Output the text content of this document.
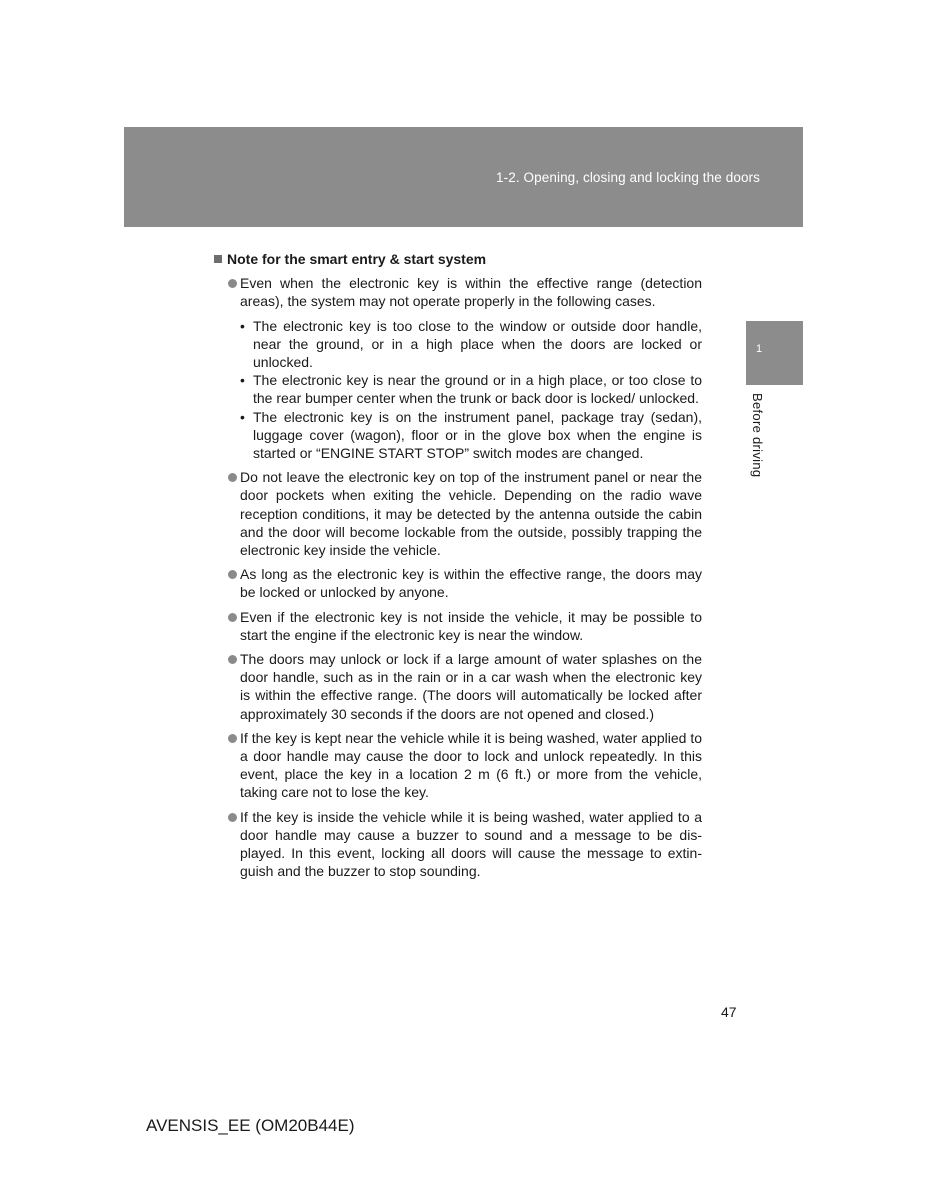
1-2. Opening, closing and locking the doors
1
Before driving
Note for the smart entry & start system
Even when the electronic key is within the effective range (detection areas), the system may not operate properly in the following cases.
• The electronic key is too close to the window or outside door handle, near the ground, or in a high place when the doors are locked or unlocked.
• The electronic key is near the ground or in a high place, or too close to the rear bumper center when the trunk or back door is locked/ unlocked.
• The electronic key is on the instrument panel, package tray (sedan), luggage cover (wagon), floor or in the glove box when the engine is started or “ENGINE START STOP” switch modes are changed.
Do not leave the electronic key on top of the instrument panel or near the door pockets when exiting the vehicle. Depending on the radio wave reception conditions, it may be detected by the antenna outside the cabin and the door will become lockable from the outside, possibly trapping the electronic key inside the vehicle.
As long as the electronic key is within the effective range, the doors may be locked or unlocked by anyone.
Even if the electronic key is not inside the vehicle, it may be possible to start the engine if the electronic key is near the window.
The doors may unlock or lock if a large amount of water splashes on the door handle, such as in the rain or in a car wash when the electronic key is within the effective range. (The doors will automatically be locked after approximately 30 seconds if the doors are not opened and closed.)
If the key is kept near the vehicle while it is being washed, water applied to a door handle may cause the door to lock and unlock repeatedly. In this event, place the key in a location 2 m (6 ft.) or more from the vehicle, taking care not to lose the key.
If the key is inside the vehicle while it is being washed, water applied to a door handle may cause a buzzer to sound and a message to be dis-played. In this event, locking all doors will cause the message to extin-guish and the buzzer to stop sounding.
47
AVENSIS_EE (OM20B44E)
